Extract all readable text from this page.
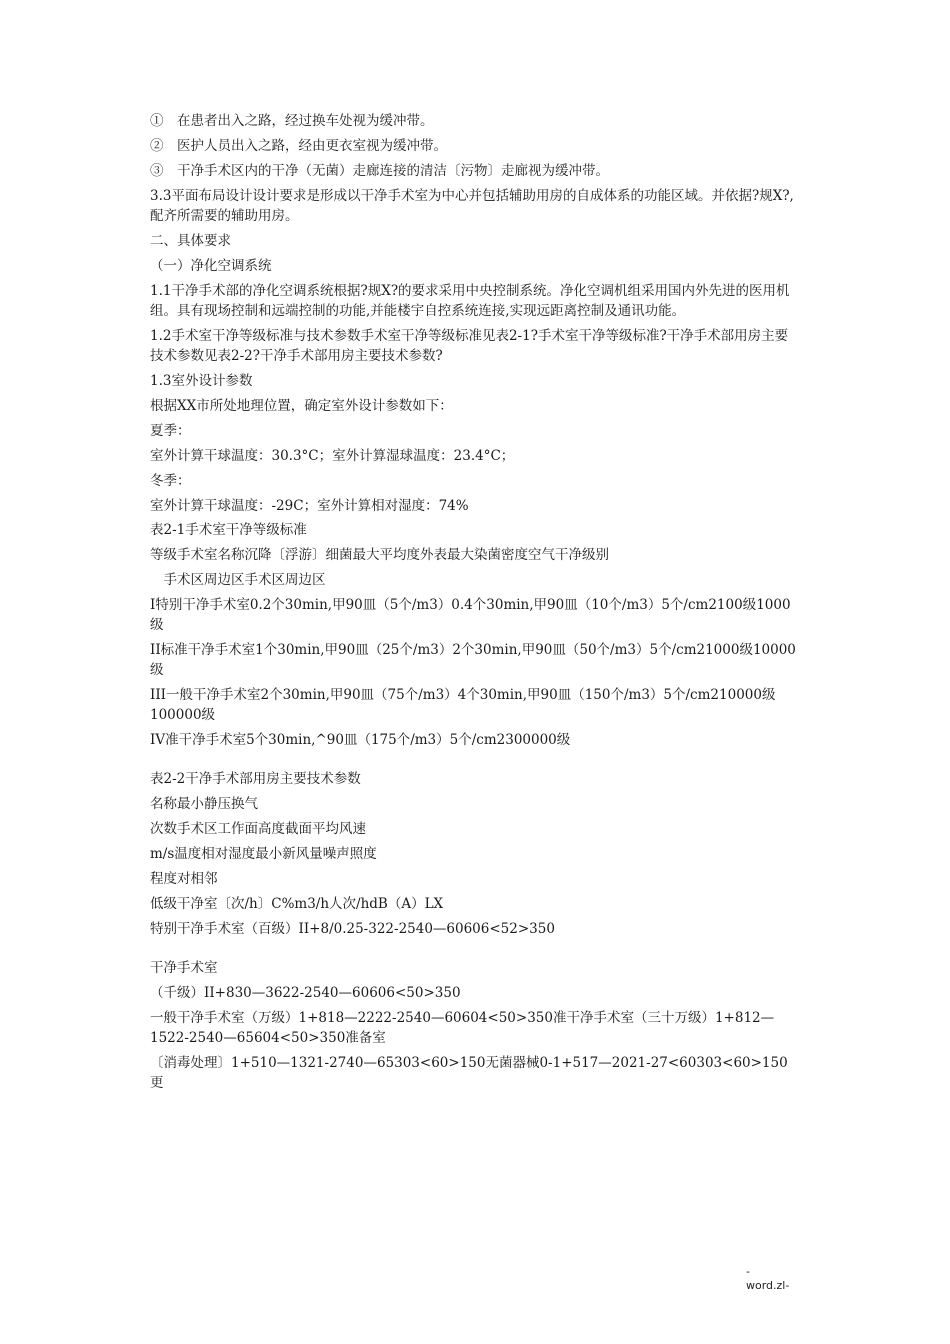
①　在患者出入之路，经过换车处视为缓冲带。

②　医护人员出入之路，经由更衣室视为缓冲带。

③　干净手术区内的干净（无菌）走廊连接的清洁〔污物〕走廊视为缓冲带。

3.3平面布局设计设计要求是形成以干净手术室为中心并包括辅助用房的自成体系的功能区域。并依据?规X?,配齐所需要的辅助用房。

二、具体要求

（一）净化空调系统

1.1干净手术部的净化空调系统根据?规X?的要求采用中央控制系统。净化空调机组采用国内外先进的医用机组。具有现场控制和远端控制的功能,并能楼宇自控系统连接,实现远距离控制及通讯功能。

1.2手术室干净等级标准与技术参数手术室干净等级标准见表2-1?手术室干净等级标准?干净手术部用房主要技术参数见表2-2?干净手术部用房主要技术参数?

1.3室外设计参数

根据XX市所处地理位置，确定室外设计参数如下：

夏季：

室外计算干球温度：30.3°C；室外计算湿球温度：23.4°C；

冬季：

室外计算干球温度：-29C；室外计算相对湿度：74%

表2-1手术室干净等级标准

等级手术室名称沉降〔浮游〕细菌最大平均度外表最大染菌密度空气干净级别

　手术区周边区手术区周边区

I特别干净手术室0.2个30min,甲90皿（5个/m3）0.4个30min,甲90皿（10个/m3）5个/cm2100级1000级

II标准干净手术室1个30min,甲90皿（25个/m3）2个30min,甲90皿（50个/m3）5个/cm21000级10000级

III一般干净手术室2个30min,甲90皿（75个/m3）4个30min,甲90皿（150个/m3）5个/cm210000级100000级

IV准干净手术室5个30min,^90皿（175个/m3）5个/cm2300000级

表2-2干净手术部用房主要技术参数

名称最小静压换气

次数手术区工作面高度截面平均风速

m/s温度相对湿度最小新风量噪声照度

程度对相邻

低级干净室〔次/h〕C%m3/h人次/hdB（A）LX

特别干净手术室（百级）II+8/0.25-322-2540—60606<52>350

干净手术室

（千级）II+830—3622-2540—60606<50>350

一般干净手术室（万级）1+818—2222-2540—60604<50>350准干净手术室（三十万级）1+812—1522-2540—65604<50>350准备室

〔消毒处理〕1+510—1321-2740—65303<60>150无菌器械0-1+517—2021-27<60303<60>150更

-
word.zl-
